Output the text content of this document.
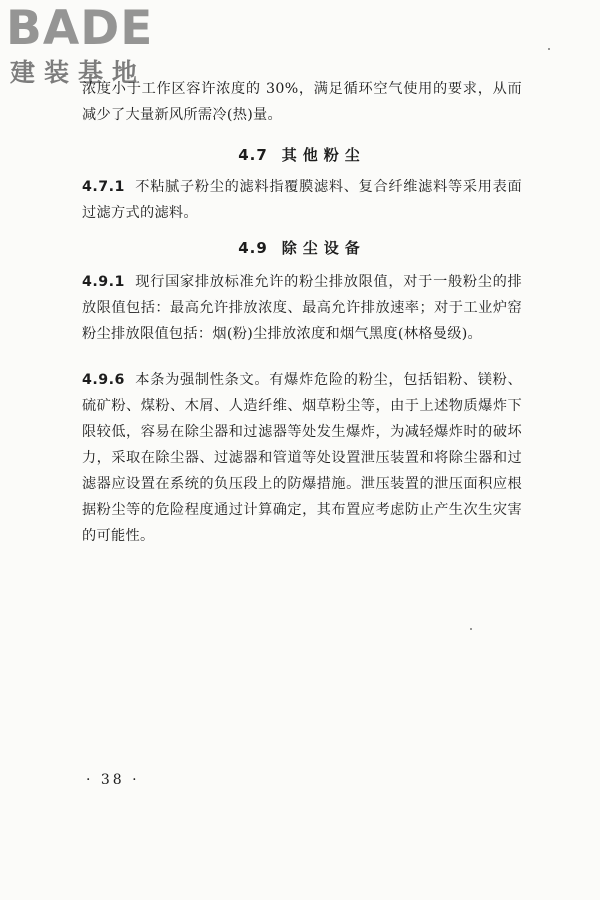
BADE
建装基地

浓度小于工作区容许浓度的 30%，满足循环空气使用的要求，从而减少了大量新风所需冷(热)量。

4.7 其他粉尘

4.7.1 不粘腻子粉尘的滤料指覆膜滤料、复合纤维滤料等采用表面过滤方式的滤料。

4.9 除尘设备

4.9.1 现行国家排放标准允许的粉尘排放限值，对于一般粉尘的排放限值包括：最高允许排放浓度、最高允许排放速率；对于工业炉窑粉尘排放限值包括：烟(粉)尘排放浓度和烟气黑度(林格曼级)。

4.9.6 本条为强制性条文。有爆炸危险的粉尘，包括铝粉、镁粉、硫矿粉、煤粉、木屑、人造纤维、烟草粉尘等，由于上述物质爆炸下限较低，容易在除尘器和过滤器等处发生爆炸，为减轻爆炸时的破坏力，采取在除尘器、过滤器和管道等处设置泄压装置和将除尘器和过滤器应设置在系统的负压段上的防爆措施。泄压装置的泄压面积应根据粉尘等的危险程度通过计算确定，其布置应考虑防止产生次生灾害的可能性。

· 38 ·
